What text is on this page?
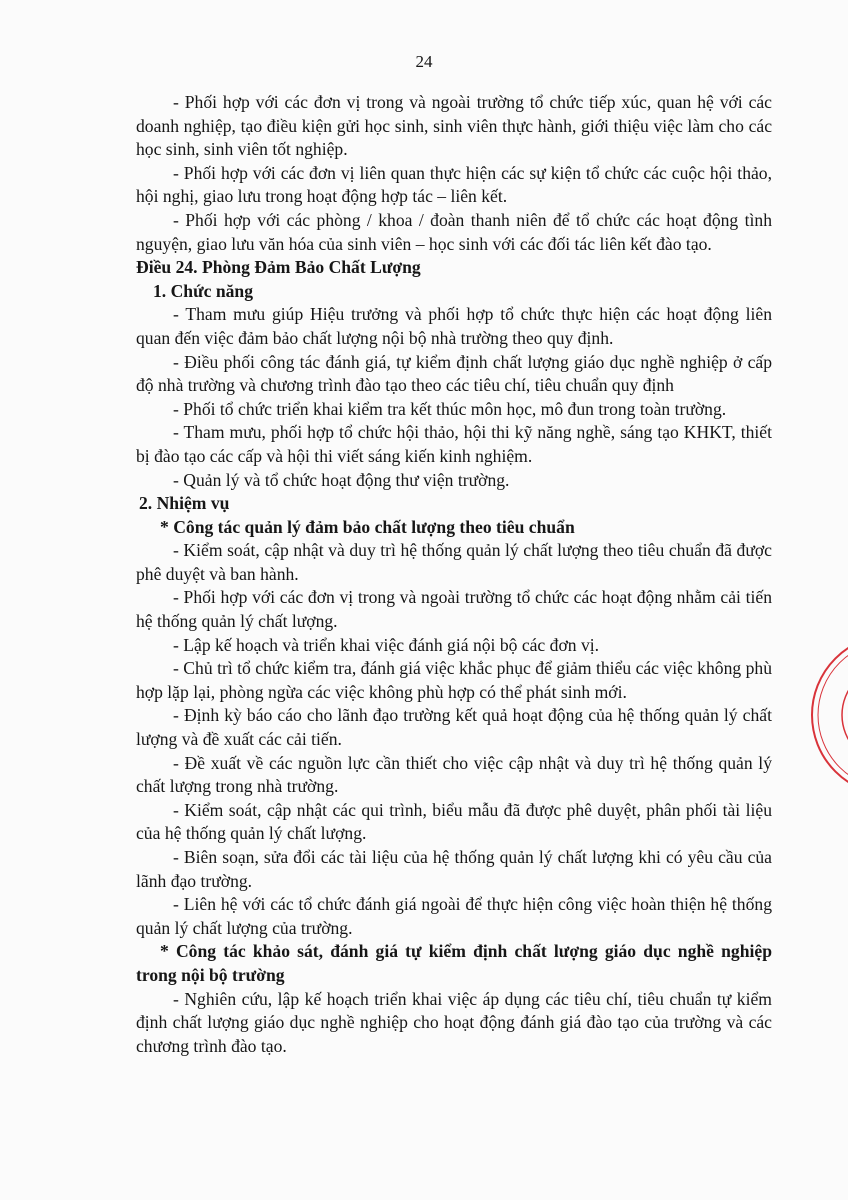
24

- Phối hợp với các đơn vị trong và ngoài trường tổ chức tiếp xúc, quan hệ với các doanh nghiệp, tạo điều kiện gửi học sinh, sinh viên thực hành, giới thiệu việc làm cho các học sinh, sinh viên tốt nghiệp.

- Phối hợp với các đơn vị liên quan thực hiện các sự kiện tổ chức các cuộc hội thảo, hội nghị, giao lưu trong hoạt động hợp tác – liên kết.

- Phối hợp với các phòng / khoa / đoàn thanh niên để tổ chức các hoạt động tình nguyện, giao lưu văn hóa của sinh viên – học sinh với các đối tác liên kết đào tạo.

Điều 24. Phòng Đảm Bảo Chất Lượng

1. Chức năng

- Tham mưu giúp Hiệu trưởng và phối hợp tổ chức thực hiện các hoạt động liên quan đến việc đảm bảo chất lượng nội bộ nhà trường theo quy định.

- Điều phối công tác đánh giá, tự kiểm định chất lượng giáo dục nghề nghiệp ở cấp độ nhà trường và chương trình đào tạo theo các tiêu chí, tiêu chuẩn quy định

- Phối tổ chức triển khai kiểm tra kết thúc môn học, mô đun trong toàn trường.

- Tham mưu, phối hợp tổ chức hội thảo, hội thi kỹ năng nghề, sáng tạo KHKT, thiết bị đào tạo các cấp và hội thi viết sáng kiến kinh nghiệm.

- Quản lý và tổ chức hoạt động thư viện trường.

2. Nhiệm vụ

* Công tác quản lý đảm bảo chất lượng theo tiêu chuẩn

- Kiểm soát, cập nhật và duy trì hệ thống quản lý chất lượng theo tiêu chuẩn đã được phê duyệt và ban hành.

- Phối hợp với các đơn vị trong và ngoài trường tổ chức các hoạt động nhằm cải tiến hệ thống quản lý chất lượng.

- Lập kế hoạch và triển khai việc đánh giá nội bộ các đơn vị.

- Chủ trì tổ chức kiểm tra, đánh giá việc khắc phục để giảm thiểu các việc không phù hợp lặp lại, phòng ngừa các việc không phù hợp có thể phát sinh mới.

- Định kỳ báo cáo cho lãnh đạo trường kết quả hoạt động của hệ thống quản lý chất lượng và đề xuất các cải tiến.

- Đề xuất về các nguồn lực cần thiết cho việc cập nhật và duy trì hệ thống quản lý chất lượng trong nhà trường.

- Kiểm soát, cập nhật các qui trình, biểu mẫu đã được phê duyệt, phân phối tài liệu của hệ thống quản lý chất lượng.

- Biên soạn, sửa đổi các tài liệu của hệ thống quản lý chất lượng khi có yêu cầu của lãnh đạo trường.

- Liên hệ với các tổ chức đánh giá ngoài để thực hiện công việc hoàn thiện hệ thống quản lý chất lượng của trường.

* Công tác khảo sát, đánh giá tự kiểm định chất lượng giáo dục nghề nghiệp trong nội bộ trường

- Nghiên cứu, lập kế hoạch triển khai việc áp dụng các tiêu chí, tiêu chuẩn tự kiểm định chất lượng giáo dục nghề nghiệp cho hoạt động đánh giá đào tạo của trường và các chương trình đào tạo.
